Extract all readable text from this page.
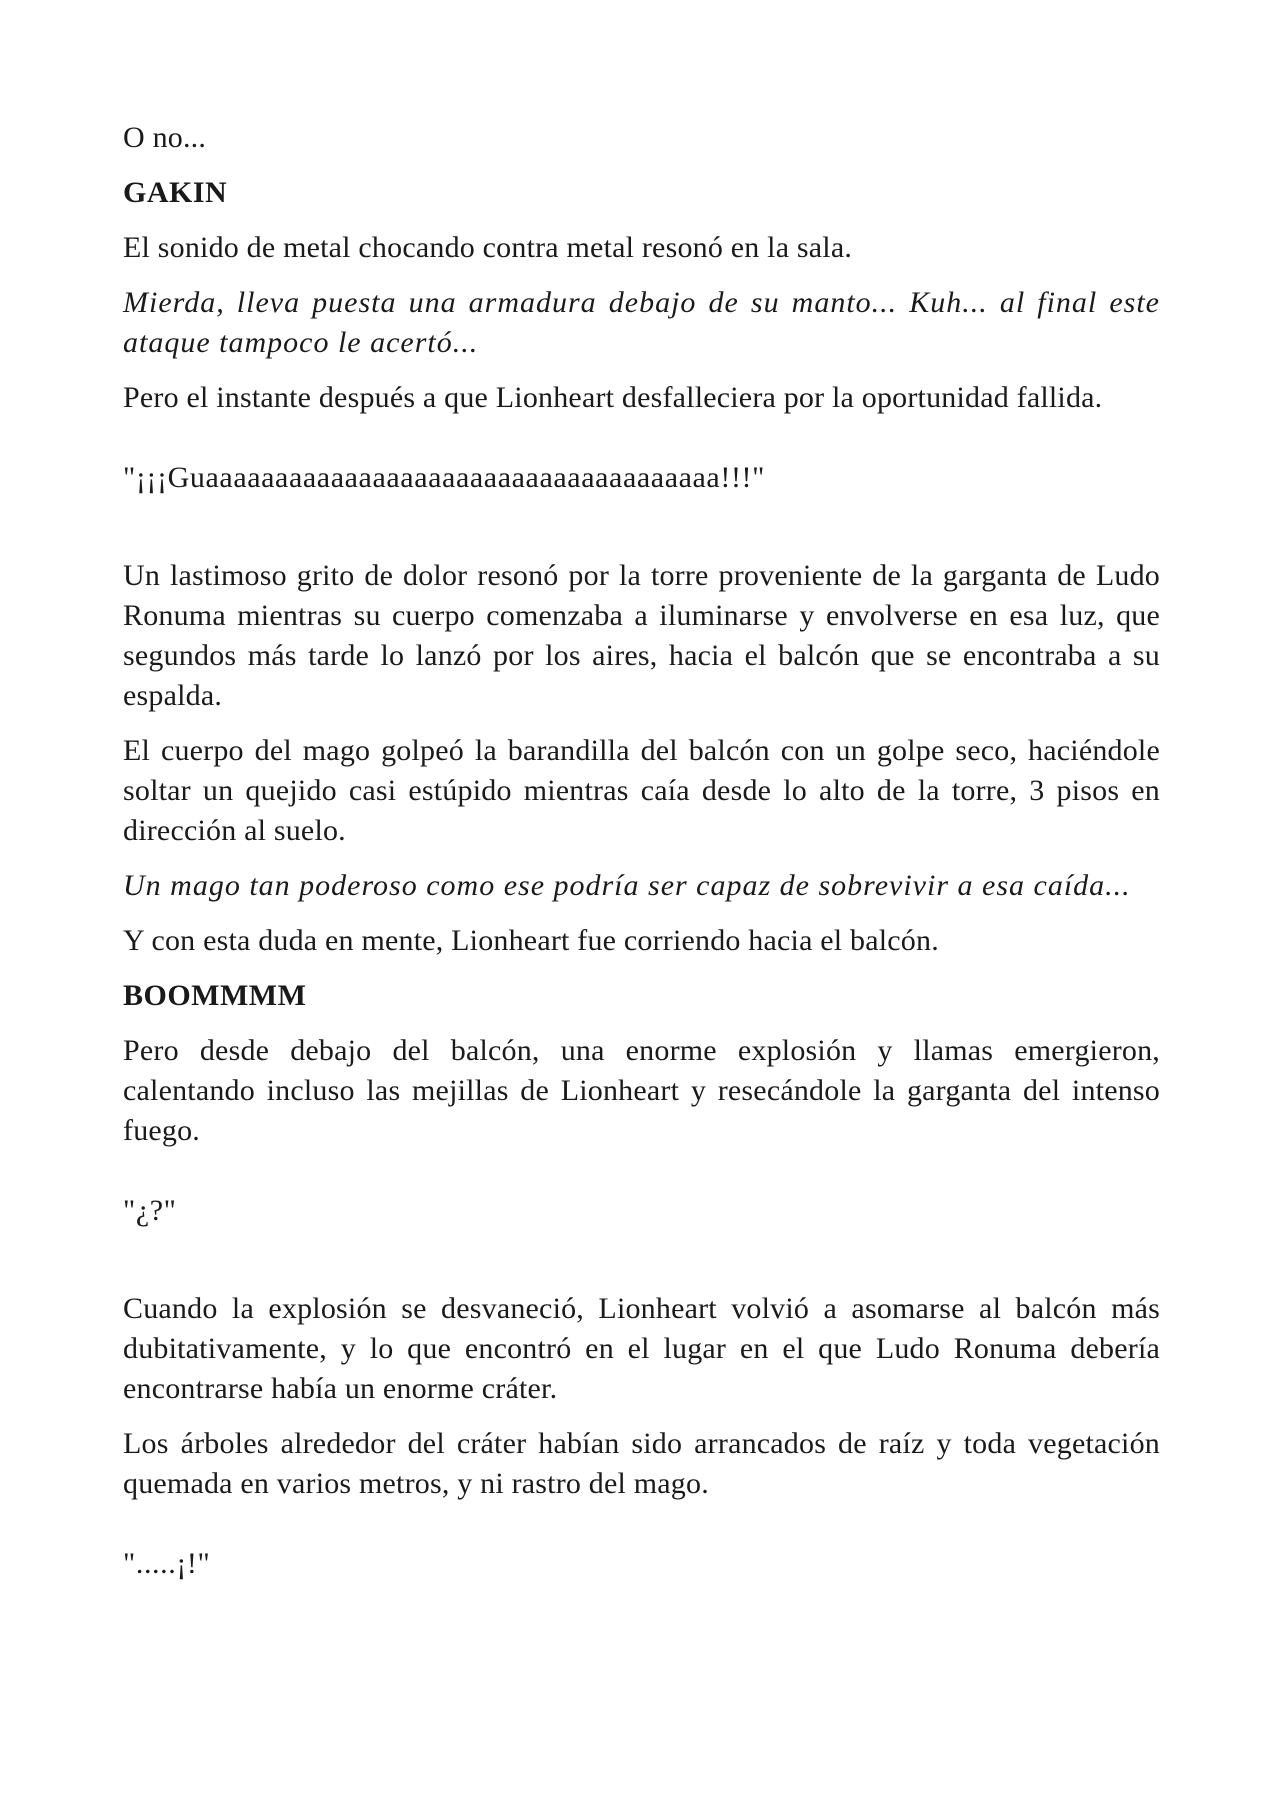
O no...

GAKIN

El sonido de metal chocando contra metal resonó en la sala.

Mierda, lleva puesta una armadura debajo de su manto... Kuh... al final este ataque tampoco le acertó...

Pero el instante después a que Lionheart desfalleciera por la oportunidad fallida.

"¡¡¡Guaaaaaaaaaaaaaaaaaaaaaaaaaaaaaaaaaaaaa!!!"

Un lastimoso grito de dolor resonó por la torre proveniente de la garganta de Ludo Ronuma mientras su cuerpo comenzaba a iluminarse y envolverse en esa luz, que segundos más tarde lo lanzó por los aires, hacia el balcón que se encontraba a su espalda.

El cuerpo del mago golpeó la barandilla del balcón con un golpe seco, haciéndole soltar un quejido casi estúpido mientras caía desde lo alto de la torre, 3 pisos en dirección al suelo.

Un mago tan poderoso como ese podría ser capaz de sobrevivir a esa caída...

Y con esta duda en mente, Lionheart fue corriendo hacia el balcón.

BOOMMMM

Pero desde debajo del balcón, una enorme explosión y llamas emergieron, calentando incluso las mejillas de Lionheart y resecándole la garganta del intenso fuego.

"¿?"

Cuando la explosión se desvaneció, Lionheart volvió a asomarse al balcón más dubitativamente, y lo que encontró en el lugar en el que Ludo Ronuma debería encontrarse había un enorme cráter.

Los árboles alrededor del cráter habían sido arrancados de raíz y toda vegetación quemada en varios metros, y ni rastro del mago.

".....¡!"
